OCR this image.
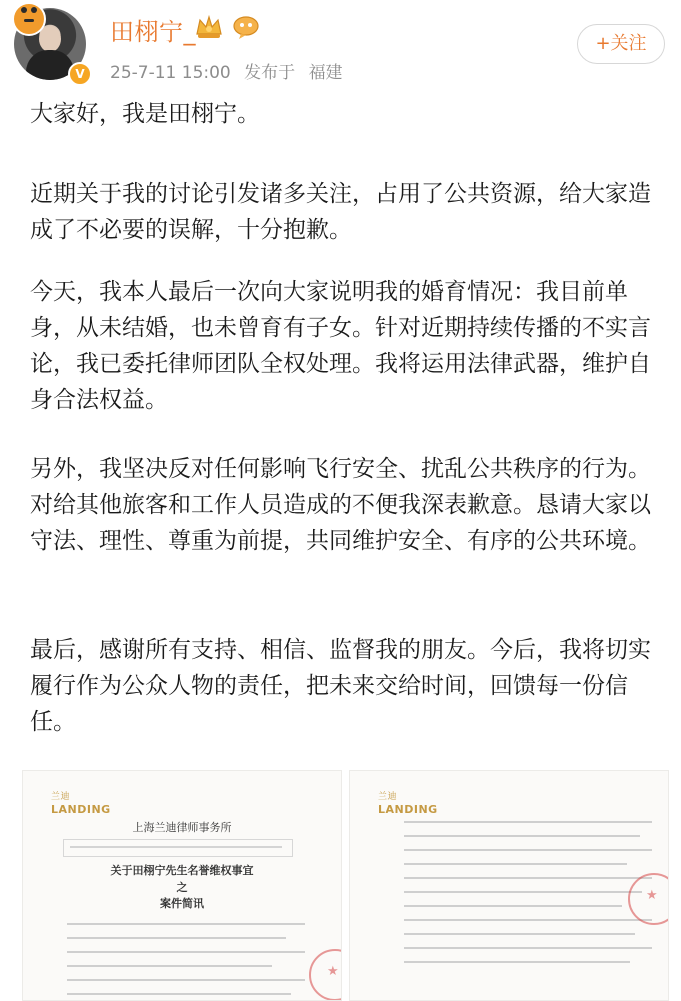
V
田栩宁_
25-7-11 15:00 发布于 福建
+关注

大家好，我是田栩宁。

近期关于我的讨论引发诸多关注，占用了公共资源，给大家造成了不必要的误解，十分抱歉。

今天，我本人最后一次向大家说明我的婚育情况：我目前单身，从未结婚，也未曾育有子女。针对近期持续传播的不实言论，我已委托律师团队全权处理。我将运用法律武器，维护自身合法权益。

另外，我坚决反对任何影响飞行安全、扰乱公共秩序的行为。对给其他旅客和工作人员造成的不便我深表歉意。恳请大家以守法、理性、尊重为前提，共同维护安全、有序的公共环境。

最后，感谢所有支持、相信、监督我的朋友。今后，我将切实履行作为公众人物的责任，把未来交给时间，回馈每一份信任。

兰迪
LANDING
上海兰迪律师事务所
关于田栩宁先生名誉维权事宜
之
案件简讯
★
兰迪
LANDING
★
